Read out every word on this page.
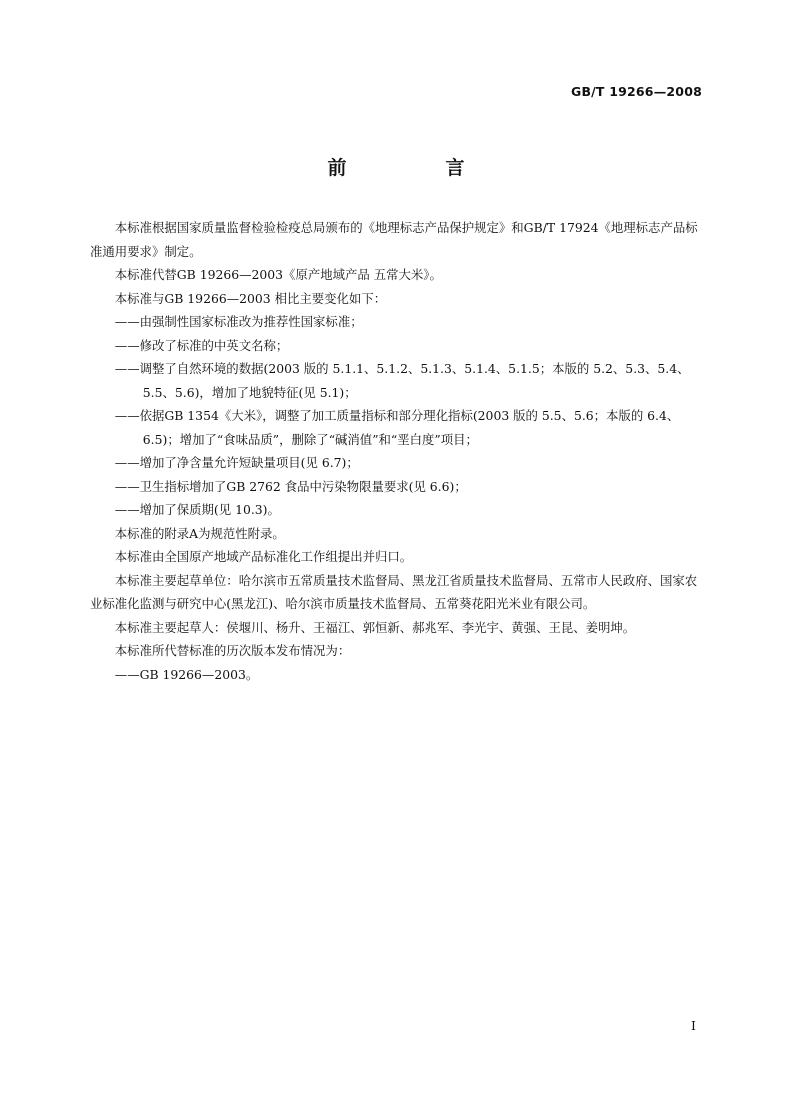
GB/T 19266—2008
前　言

本标准根据国家质量监督检验检疫总局颁布的《地理标志产品保护规定》和GB/T 17924《地理标志产品标准通用要求》制定。

本标准代替GB 19266—2003《原产地域产品 五常大米》。

本标准与GB 19266—2003 相比主要变化如下：

——由强制性国家标准改为推荐性国家标准；

——修改了标准的中英文名称；

——调整了自然环境的数据(2003 版的 5.1.1、5.1.2、5.1.3、5.1.4、5.1.5；本版的 5.2、5.3、5.4、5.5、5.6)，增加了地貌特征(见 5.1)；

——依据GB 1354《大米》，调整了加工质量指标和部分理化指标(2003 版的 5.5、5.6；本版的 6.4、6.5)；增加了“食味品质”，删除了“碱消值”和“垩白度”项目；

——增加了净含量允许短缺量项目(见 6.7)；

——卫生指标增加了GB 2762 食品中污染物限量要求(见 6.6)；

——增加了保质期(见 10.3)。

本标准的附录A为规范性附录。

本标准由全国原产地域产品标准化工作组提出并归口。

本标准主要起草单位：哈尔滨市五常质量技术监督局、黑龙江省质量技术监督局、五常市人民政府、国家农业标准化监测与研究中心(黑龙江)、哈尔滨市质量技术监督局、五常葵花阳光米业有限公司。

本标准主要起草人：侯堰川、杨升、王福江、郭恒新、郝兆军、李光宇、黄强、王昆、姜明坤。

本标准所代替标准的历次版本发布情况为：

——GB 19266—2003。

I
